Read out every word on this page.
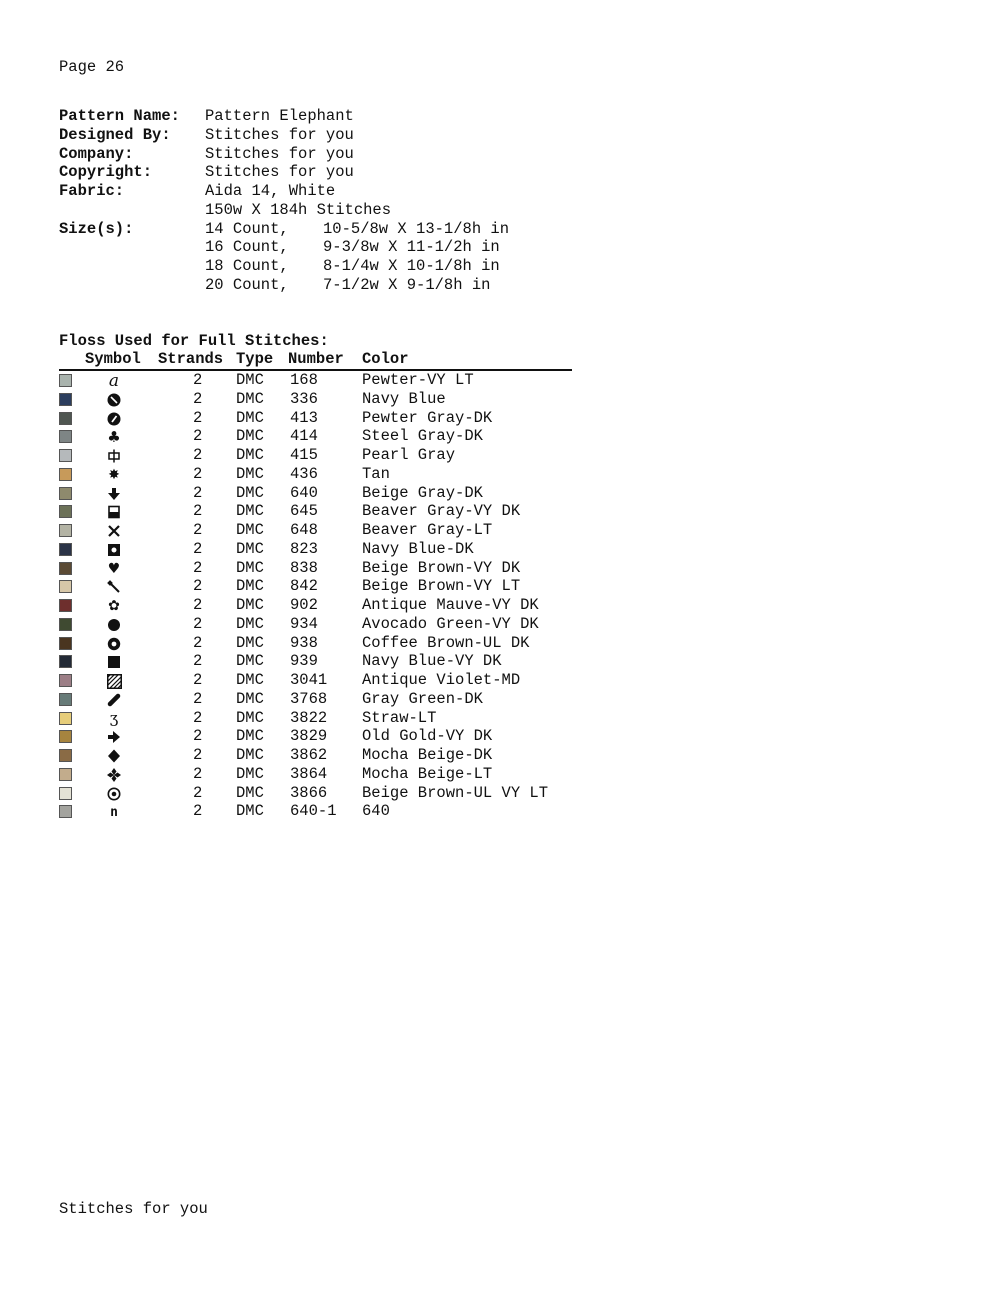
Page 26
Pattern Name: Pattern Elephant
Designed By: Stitches for you
Company:	Stitches for you
Copyright:	Stitches for you
Fabric:	Aida 14, White
150w X 184h Stitches
Size(s):	14 Count, 10-5/8w X 13-1/8h in
16 Count, 9-3/8w X 11-1/2h in
18 Count, 8-1/4w X 10-1/8h in
20 Count, 7-1/2w X 9-1/8h in
Floss Used for Full Stitches:
Symbol Strands Type Number Color
a	2 DMC 168	Pewter-VY LT
2 DMC 336	Navy Blue
2 DMC 413	Pewter Gray-DK
♣	2 DMC 414	Steel Gray-DK
2 DMC 415	Pearl Gray
✸	2 DMC 436	Tan
2 DMC 640	Beige Gray-DK
2 DMC 645	Beaver Gray-VY DK
2 DMC 648	Beaver Gray-LT
2 DMC 823	Navy Blue-DK
♥	2 DMC 838	Beige Brown-VY DK
2 DMC 842	Beige Brown-VY LT
✿	2 DMC 902	Antique Mauve-VY DK
2 DMC 934	Avocado Green-VY DK
2 DMC 938	Coffee Brown-UL DK
2 DMC 939	Navy Blue-VY DK
2 DMC 3041 Antique Violet-MD
2 DMC 3768 Gray Green-DK
ʒ	2 DMC 3822 Straw-LT
2 DMC 3829 Old Gold-VY DK
2 DMC 3862 Mocha Beige-DK
2 DMC 3864 Mocha Beige-LT
2 DMC 3866 Beige Brown-UL VY LT
n	2 DMC 640-1 640
Stitches for you
